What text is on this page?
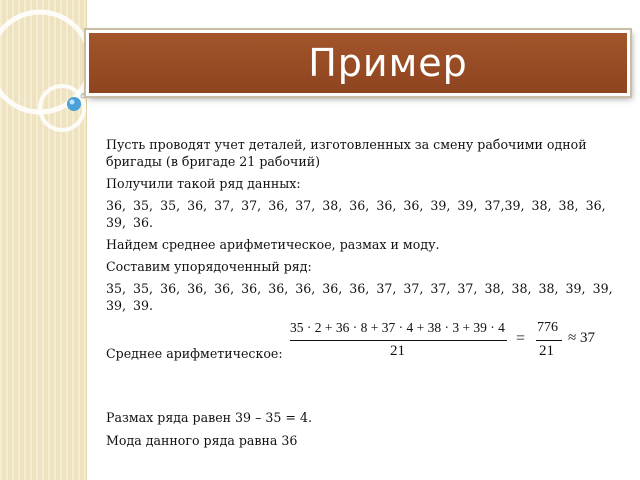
Пример

Пусть проводят учет деталей, изготовленных за смену рабочими одной бригады (в бригаде 21 рабочий)

Получили такой ряд данных:

36, 35, 35, 36, 37, 37, 36, 37, 38, 36, 36, 36, 39, 39, 37,39, 38, 38, 36, 39, 36.

Найдем среднее арифметическое, размах и моду.

Составим упорядоченный ряд:

35, 35, 36, 36, 36, 36, 36, 36, 36, 36, 37, 37, 37, 37, 38, 38, 38, 39, 39, 39, 39.

Среднее арифметическое:
35 · 2 + 36 · 8 + 37 · 4 + 38 · 3 + 39 · 4
21
=
776
21
≈ 37

Размах ряда равен 39 – 35 = 4.

Мода данного ряда равна 36
